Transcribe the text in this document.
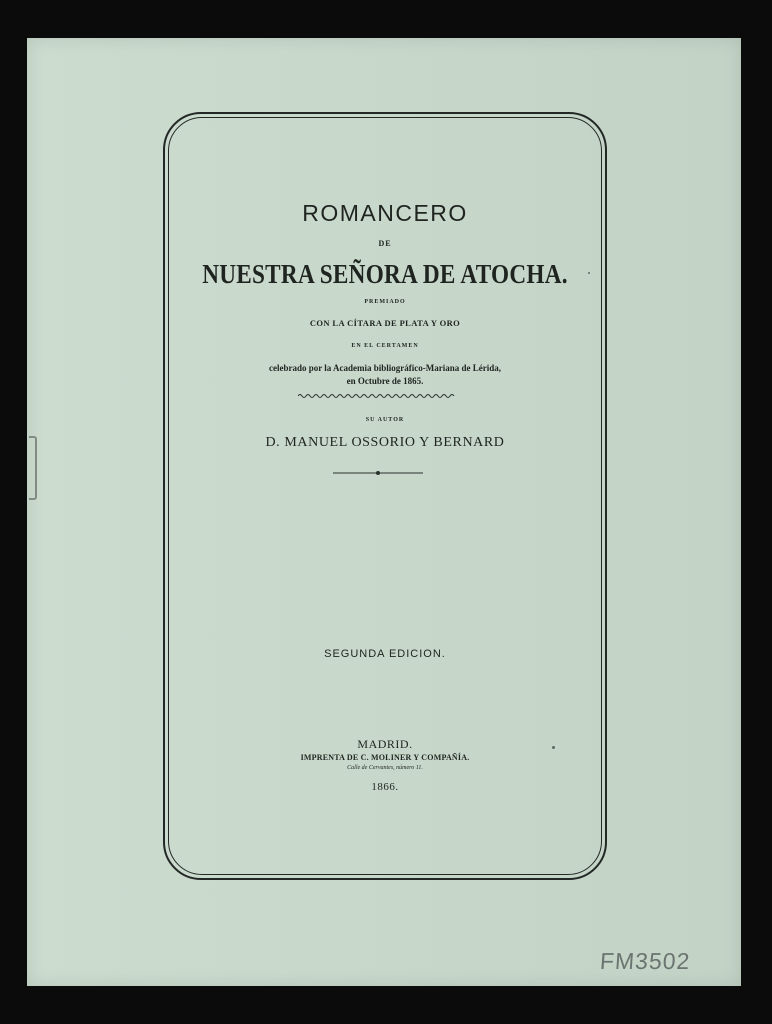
ROMANCERO
DE
NUESTRA SEÑORA DE ATOCHA.
PREMIADO
CON LA CÍTARA DE PLATA Y ORO
EN EL CERTAMEN
celebrado por la Academia bibliográfico-Mariana de Lérida,
en Octubre de 1865.
SU AUTOR
D. MANUEL OSSORIO Y BERNARD
SEGUNDA EDICION.
MADRID.
IMPRENTA DE C. MOLINER Y COMPAÑÍA.
Calle de Cervantes, número 11.
1866.
FM3502
